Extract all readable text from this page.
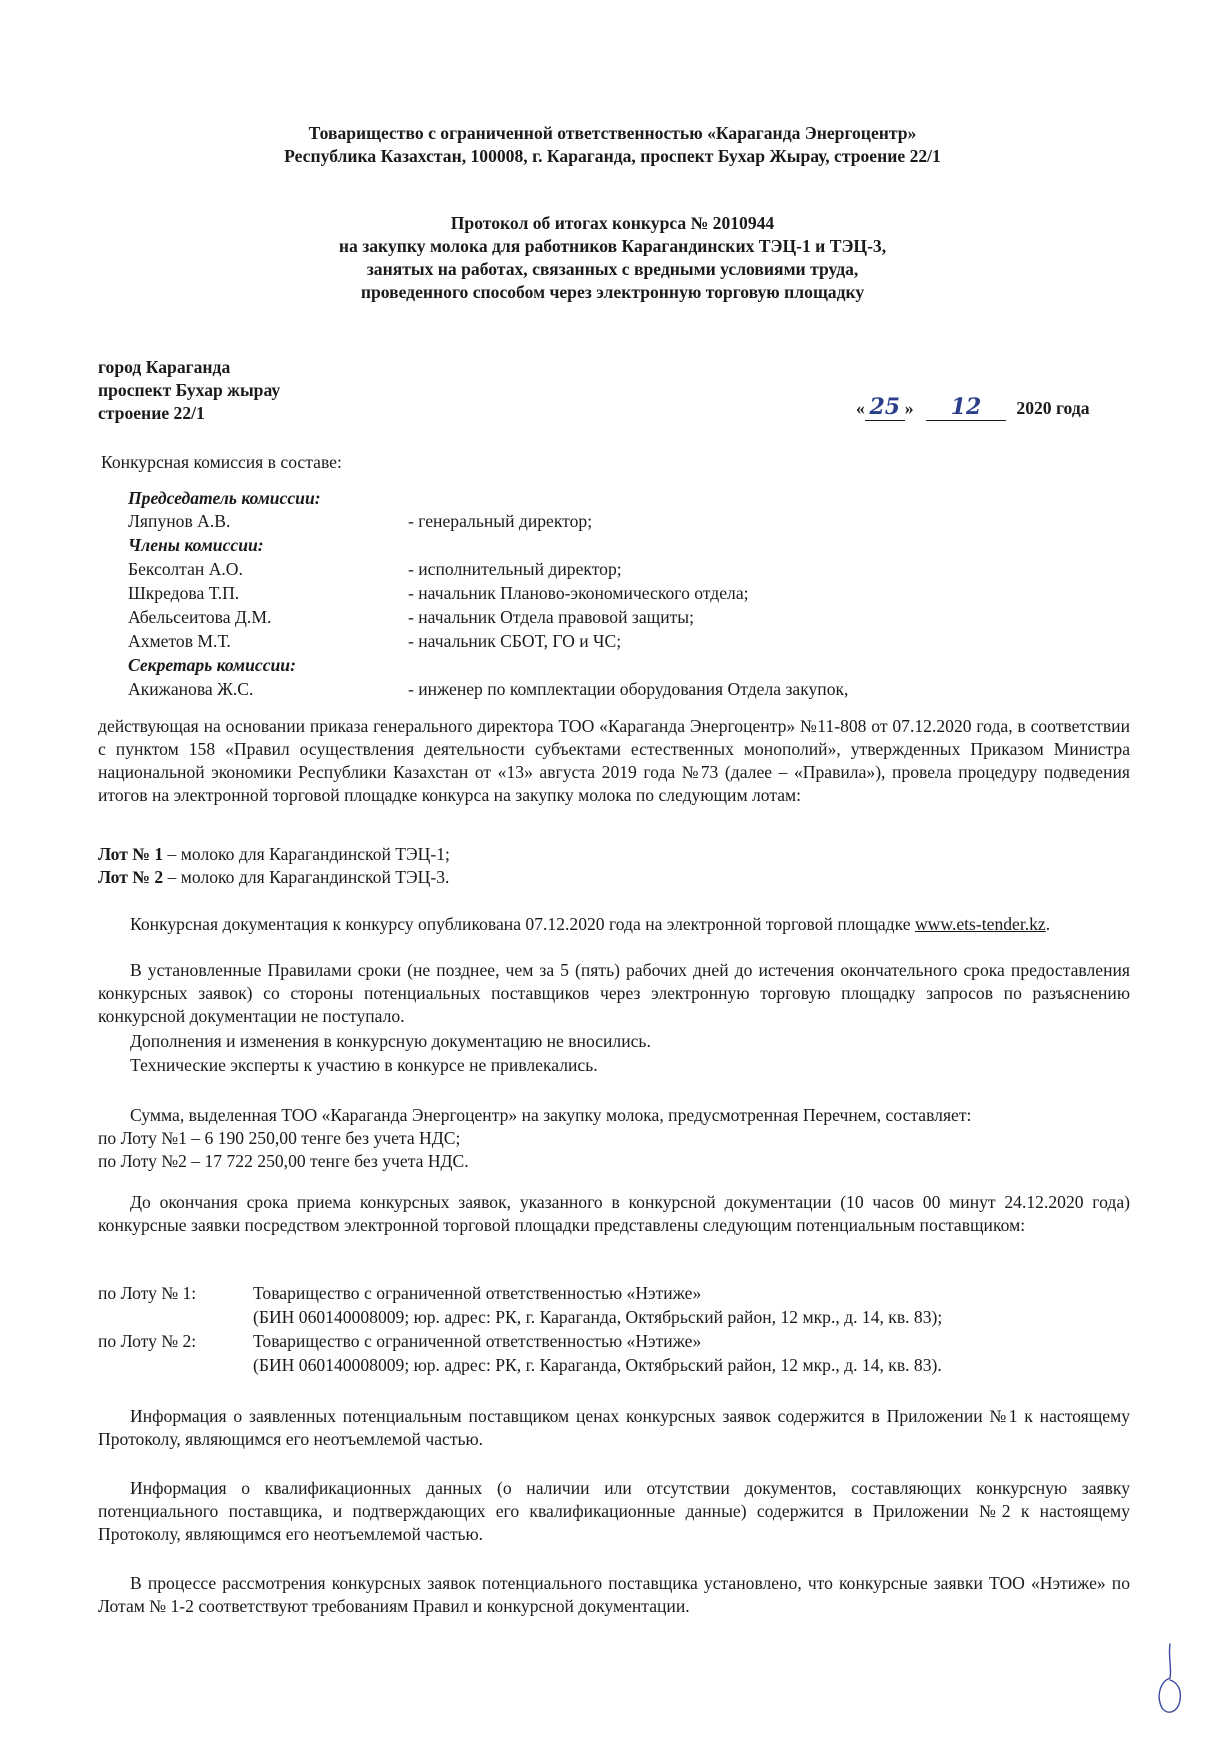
Товарищество с ограниченной ответственностью «Караганда Энергоцентр»
Республика Казахстан, 100008, г. Караганда, проспект Бухар Жырау, строение 22/1
Протокол об итогах конкурса № 2010944
на закупку молока для работников Карагандинских ТЭЦ-1 и ТЭЦ-3,
занятых на работах, связанных с вредными условиями труда,
проведенного способом через электронную торговую площадку
город Караганда
проспект Бухар жырау
строение 22/1	« 25 » 12 2020 года
Конкурсная комиссия в составе:
Председатель комиссии:
Ляпунов А.В.	- генеральный директор;
Члены комиссии:
Бексолтан А.О.	- исполнительный директор;
Шкредова Т.П.	- начальник Планово-экономического отдела;
Абельсеитова Д.М.	- начальник Отдела правовой защиты;
Ахметов М.Т.	- начальник СБОТ, ГО и ЧС;
Секретарь комиссии:
Акижанова Ж.С.	- инженер по комплектации оборудования Отдела закупок,
действующая на основании приказа генерального директора ТОО «Караганда Энергоцентр» №11-808 от 07.12.2020 года, в соответствии с пунктом 158 «Правил осуществления деятельности субъектами естественных монополий», утвержденных Приказом Министра национальной экономики Республики Казахстан от «13» августа 2019 года №73 (далее – «Правила»), провела процедуру подведения итогов на электронной торговой площадке конкурса на закупку молока по следующим лотам:
Лот № 1 – молоко для Карагандинской ТЭЦ-1;
Лот № 2 – молоко для Карагандинской ТЭЦ-3.
Конкурсная документация к конкурсу опубликована 07.12.2020 года на электронной торговой площадке www.ets-tender.kz.
В установленные Правилами сроки (не позднее, чем за 5 (пять) рабочих дней до истечения окончательного срока предоставления конкурсных заявок) со стороны потенциальных поставщиков через электронную торговую площадку запросов по разъяснению конкурсной документации не поступало.
Дополнения и изменения в конкурсную документацию не вносились.
Технические эксперты к участию в конкурсе не привлекались.
Сумма, выделенная ТОО «Караганда Энергоцентр» на закупку молока, предусмотренная Перечнем, составляет:
по Лоту №1 – 6 190 250,00 тенге без учета НДС;
по Лоту №2 – 17 722 250,00 тенге без учета НДС.
До окончания срока приема конкурсных заявок, указанного в конкурсной документации (10 часов 00 минут 24.12.2020 года) конкурсные заявки посредством электронной торговой площадки представлены следующим потенциальным поставщиком:
по Лоту № 1:	Товарищество с ограниченной ответственностью «Нэтиже»
(БИН 060140008009; юр. адрес: РК, г. Караганда, Октябрьский район, 12 мкр., д. 14, кв. 83);
по Лоту № 2:	Товарищество с ограниченной ответственностью «Нэтиже»
(БИН 060140008009; юр. адрес: РК, г. Караганда, Октябрьский район, 12 мкр., д. 14, кв. 83).
Информация о заявленных потенциальным поставщиком ценах конкурсных заявок содержится в Приложении №1 к настоящему Протоколу, являющимся его неотъемлемой частью.
Информация о квалификационных данных (о наличии или отсутствии документов, составляющих конкурсную заявку потенциального поставщика, и подтверждающих его квалификационные данные) содержится в Приложении №2 к настоящему Протоколу, являющимся его неотъемлемой частью.
В процессе рассмотрения конкурсных заявок потенциального поставщика установлено, что конкурсные заявки ТОО «Нэтиже» по Лотам № 1-2 соответствуют требованиям Правил и конкурсной документации.
